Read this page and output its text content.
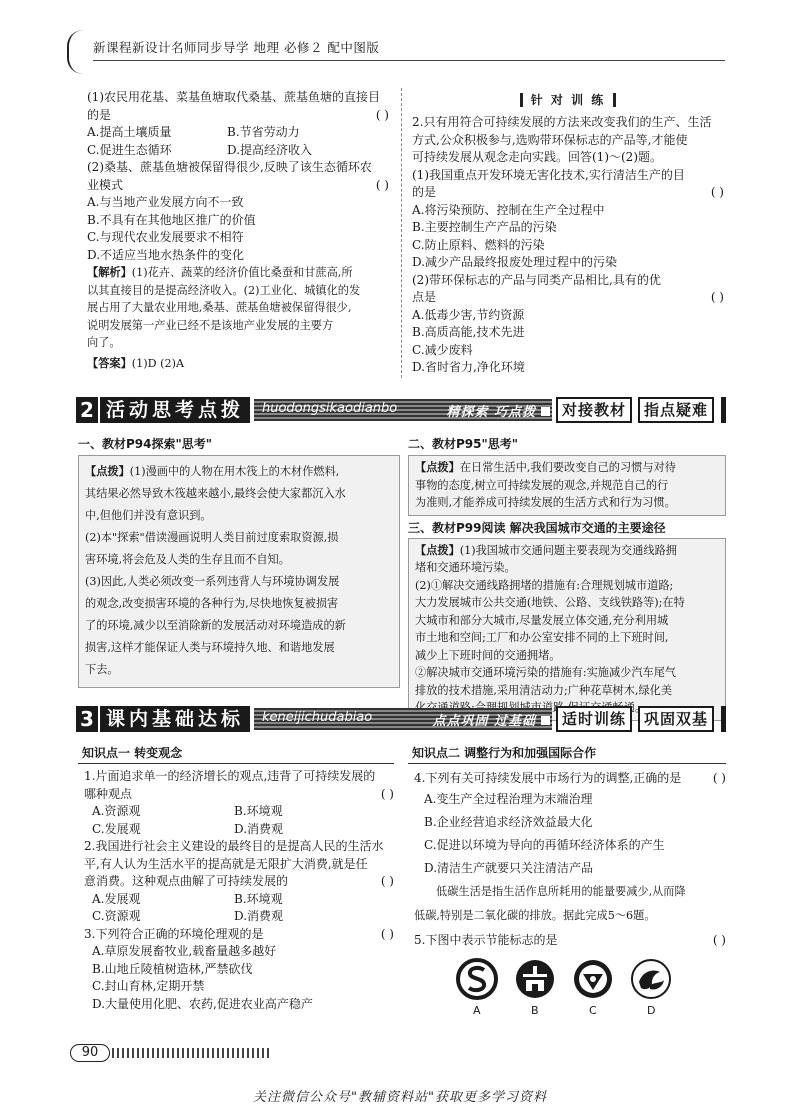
新课程新设计名师同步导学 地理 必修２ 配中图版
(1)农民用花基、菜基鱼塘取代桑基、蔗基鱼塘的直接目
的是	( )
A.提高土壤质量	B.节省劳动力
C.促进生态循环	D.提高经济收入
(2)桑基、蔗基鱼塘被保留得很少,反映了该生态循环农
业模式	( )
A.与当地产业发展方向不一致
B.不具有在其他地区推广的价值
C.与现代农业发展要求不相符
D.不适应当地水热条件的变化
【解析】(1)花卉、蔬菜的经济价值比桑蚕和甘蔗高,所
以其直接目的是提高经济收入。(2)工业化、城镇化的发
展占用了大量农业用地,桑基、蔗基鱼塘被保留得很少,
说明发展第一产业已经不是该地产业发展的主要方
向了。
【答案】(1)D (2)A
针 对 训 练
2.只有用符合可持续发展的方法来改变我们的生产、生活
方式,公众积极参与,选购带环保标志的产品等,才能使
可持续发展从观念走向实践。回答(1)～(2)题。
(1)我国重点开发环境无害化技术,实行清洁生产的目
的是	( )
A.将污染预防、控制在生产全过程中
B.主要控制生产产品的污染
C.防止原料、燃料的污染
D.减少产品最终报废处理过程中的污染
(2)带环保标志的产品与同类产品相比,具有的优
点是	( )
A.低毒少害,节约资源
B.高质高能,技术先进
C.减少废料
D.省时省力,净化环境
2 活动思考点拨	huodongsikaodianbo	精探索 巧点拨	对接教材	指点疑难
一、教材P94探索"思考"
【点拨】(1)漫画中的人物在用木筏上的木材作燃料,
其结果必然导致木筏越来越小,最终会使大家都沉入水
中,但他们并没有意识到。
(2)本"探索"借读漫画说明人类目前过度索取资源,损
害环境,将会危及人类的生存且而不自知。
(3)因此,人类必须改变一系列违背人与环境协调发展
的观念,改变损害环境的各种行为,尽快地恢复被损害
了的环境,减少以至消除新的发展活动对环境造成的新
损害,这样才能保证人类与环境持久地、和谐地发展
下去。
二、教材P95"思考"
【点拨】在日常生活中,我们要改变自己的习惯与对待
事物的态度,树立可持续发展的观念,并规范自己的行
为准则,才能养成可持续发展的生活方式和行为习惯。
三、教材P99阅读 解决我国城市交通的主要途径
【点拨】(1)我国城市交通问题主要表现为交通线路拥
堵和交通环境污染。
(2)①解决交通线路拥堵的措施有:合理规划城市道路;
大力发展城市公共交通(地铁、公路、支线铁路等);在特
大城市和部分大城市,尽量发展立体交通,充分利用城
市土地和空间;工厂和办公室安排不同的上下班时间,
减少上下班时间的交通拥堵。
②解决城市交通环境污染的措施有:实施减少汽车尾气
排放的技术措施,采用清洁动力;广种花草树木,绿化美
3 课内基础达标	keneijichudabiao	点点巩固 过基础	适时训练	巩固双基
知识点一 转变观念
1.片面追求单一的经济增长的观点,违背了可持续发展的
哪种观点	( )
A.资源观	B.环境观
C.发展观	D.消费观
2.我国进行社会主义建设的最终目的是提高人民的生活水
平,有人认为生活水平的提高就是无限扩大消费,就是任
意消费。这种观点曲解了可持续发展的	( )
A.发展观	B.环境观
C.资源观	D.消费观
3.下列符合正确的环境伦理观的是	( )
A.草原发展畜牧业,载畜量越多越好
B.山地丘陵植树造林,严禁砍伐
C.封山育林,定期开禁
D.大量使用化肥、农药,促进农业高产稳产
知识点二 调整行为和加强国际合作
4.下列有关可持续发展中市场行为的调整,正确的是	( )
A.变生产全过程治理为末端治理
B.企业经营追求经济效益最大化
C.促进以环境为导向的再循环经济体系的产生
D.清洁生产就要只关注清洁产品
低碳生活是指生活作息所耗用的能量要减少,从而降
低碳,特别是二氧化碳的排放。据此完成5～6题。
5.下图中表示节能标志的是	( )
A	B	C	D
90
关注微信公众号"教辅资料站"获取更多学习资料
